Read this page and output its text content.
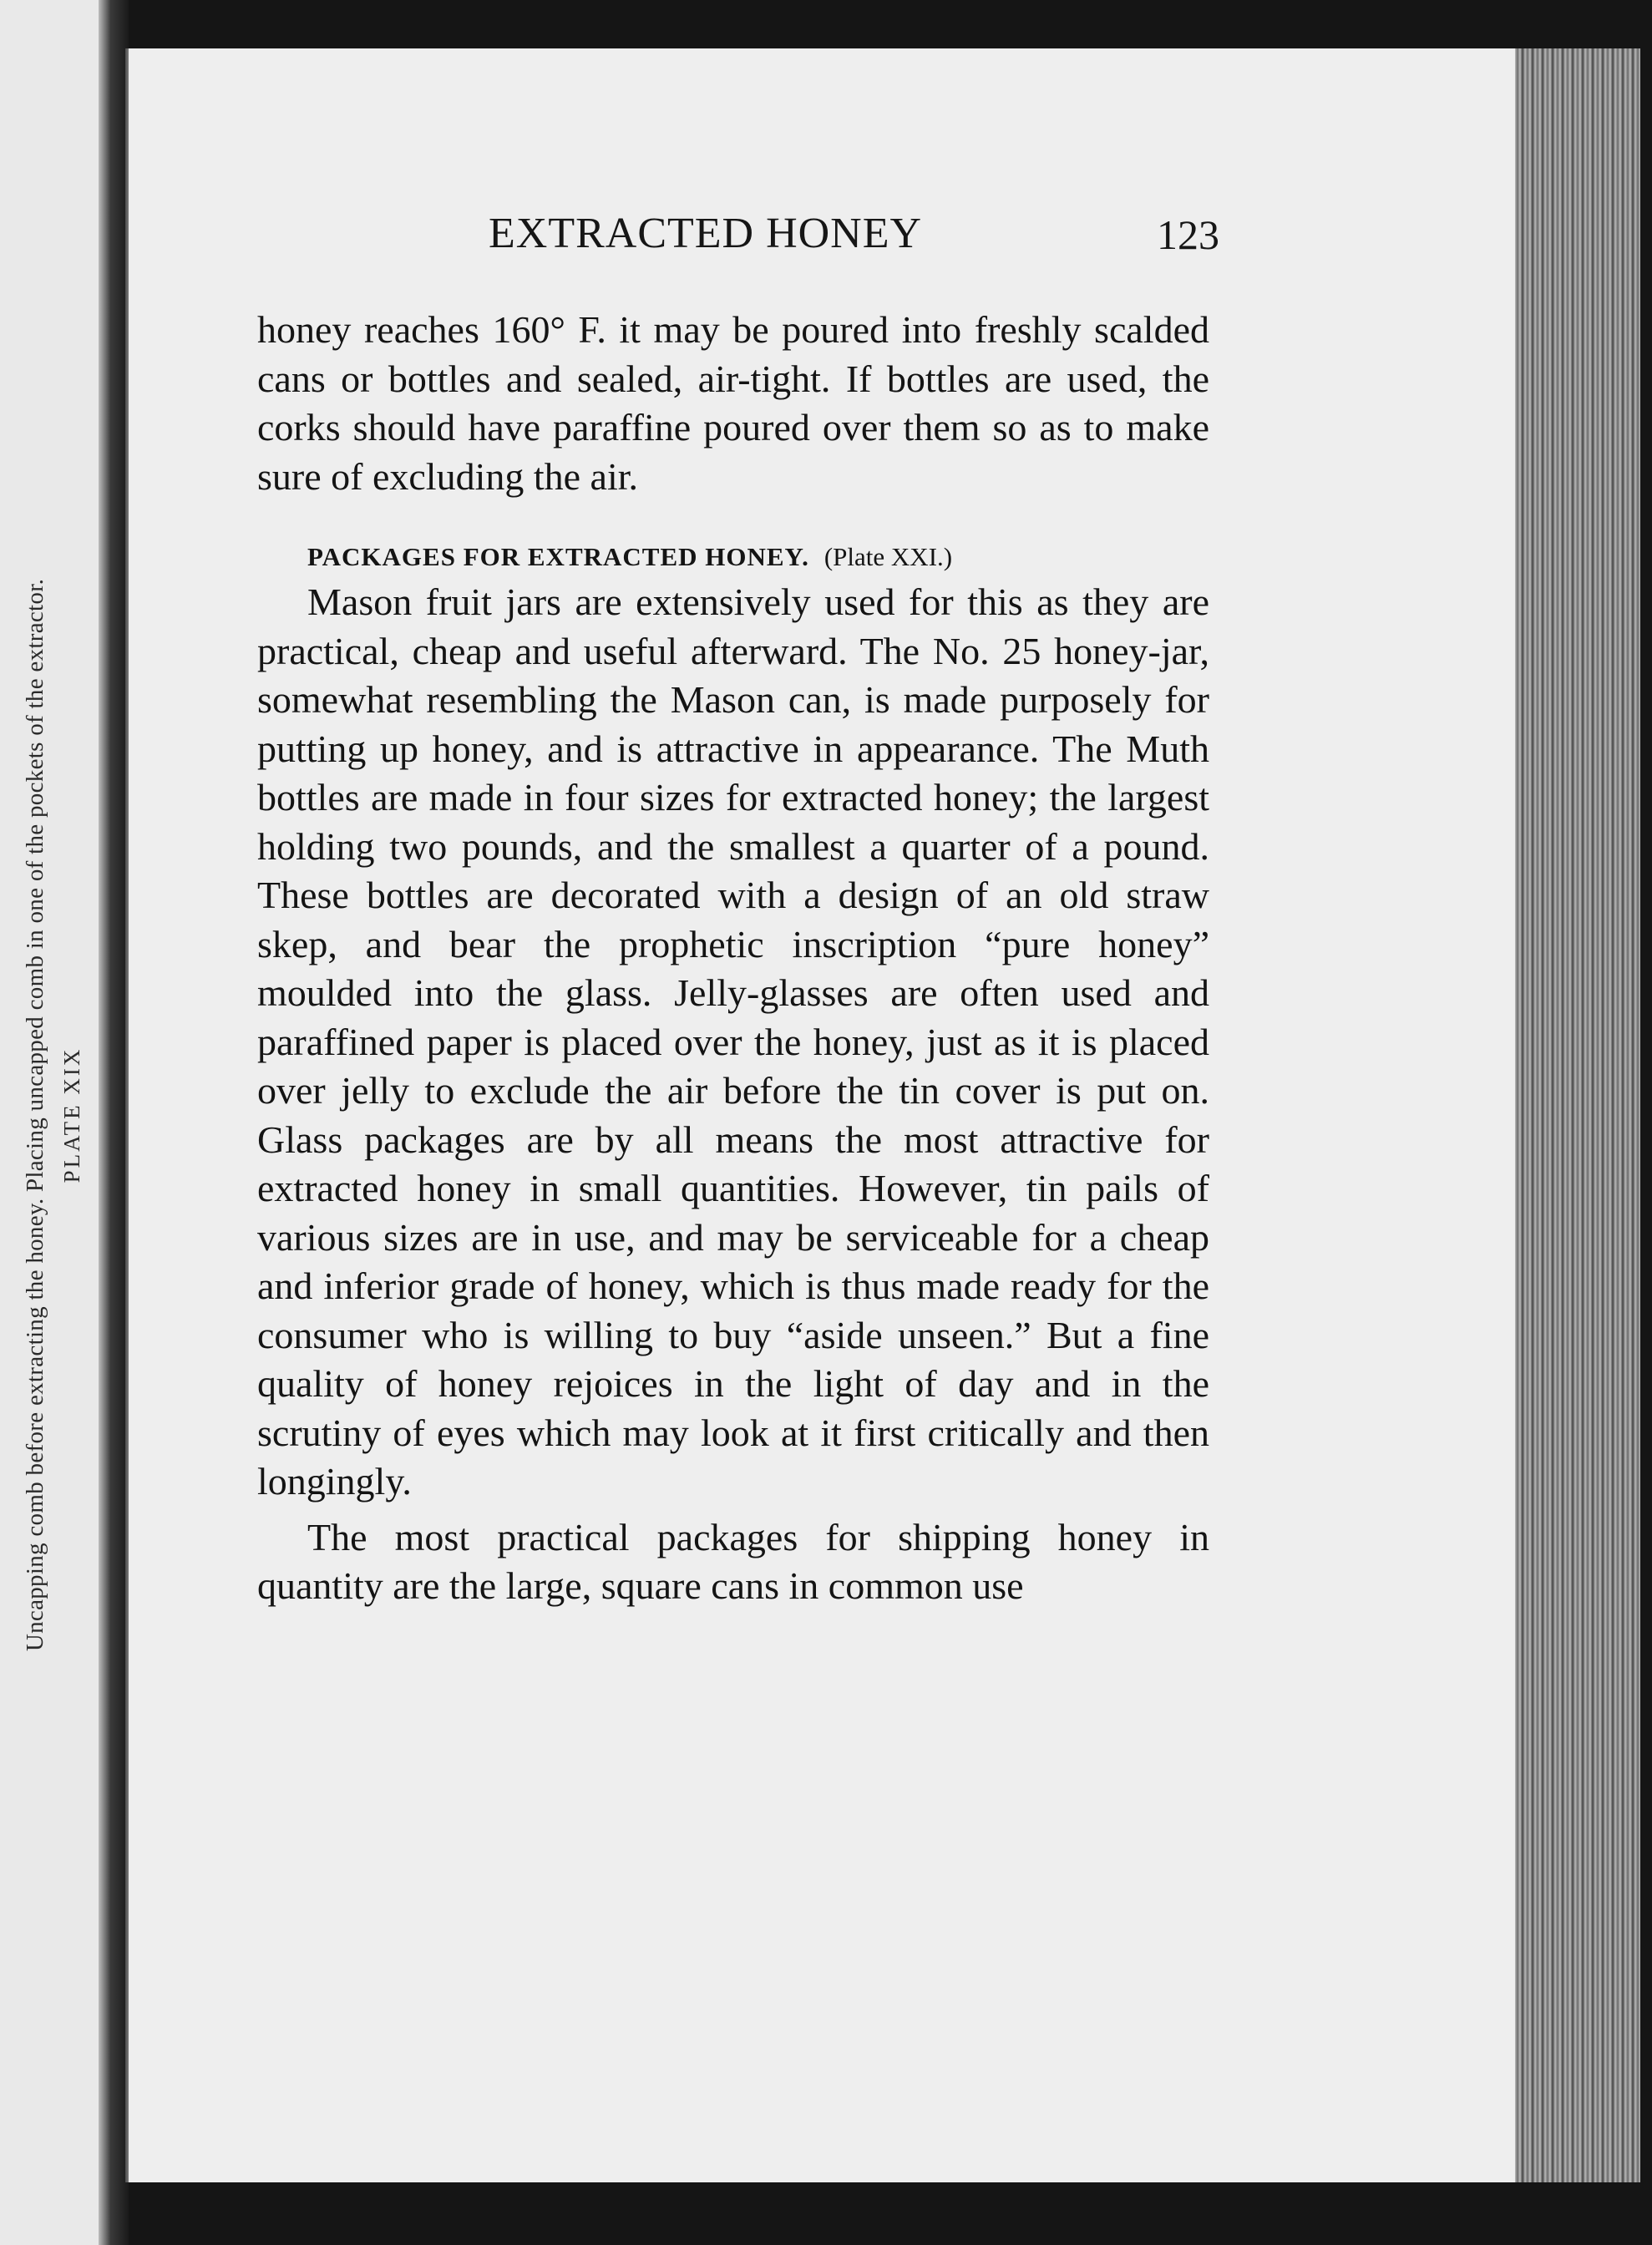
Uncapping comb before extracting the honey. Placing uncapped comb in one of the pockets of the extractor. PLATE XIX
EXTRACTED HONEY	123

honey reaches 160° F. it may be poured into freshly scalded cans or bottles and sealed, air-tight. If bottles are used, the corks should have paraffine poured over them so as to make sure of excluding the air.

PACKAGES FOR EXTRACTED HONEY. (Plate XXI.)

Mason fruit jars are extensively used for this as they are practical, cheap and useful afterward. The No. 25 honey-jar, somewhat resembling the Mason can, is made purposely for putting up honey, and is attractive in appearance. The Muth bottles are made in four sizes for extracted honey; the largest holding two pounds, and the smallest a quarter of a pound. These bottles are decorated with a design of an old straw skep, and bear the prophetic inscription “pure honey” moulded into the glass. Jelly-glasses are often used and paraffined paper is placed over the honey, just as it is placed over jelly to exclude the air before the tin cover is put on. Glass packages are by all means the most attractive for extracted honey in small quantities. However, tin pails of various sizes are in use, and may be serviceable for a cheap and inferior grade of honey, which is thus made ready for the consumer who is willing to buy “aside unseen.” But a fine quality of honey rejoices in the light of day and in the scrutiny of eyes which may look at it first critically and then longingly.

The most practical packages for shipping honey in quantity are the large, square cans in common use
